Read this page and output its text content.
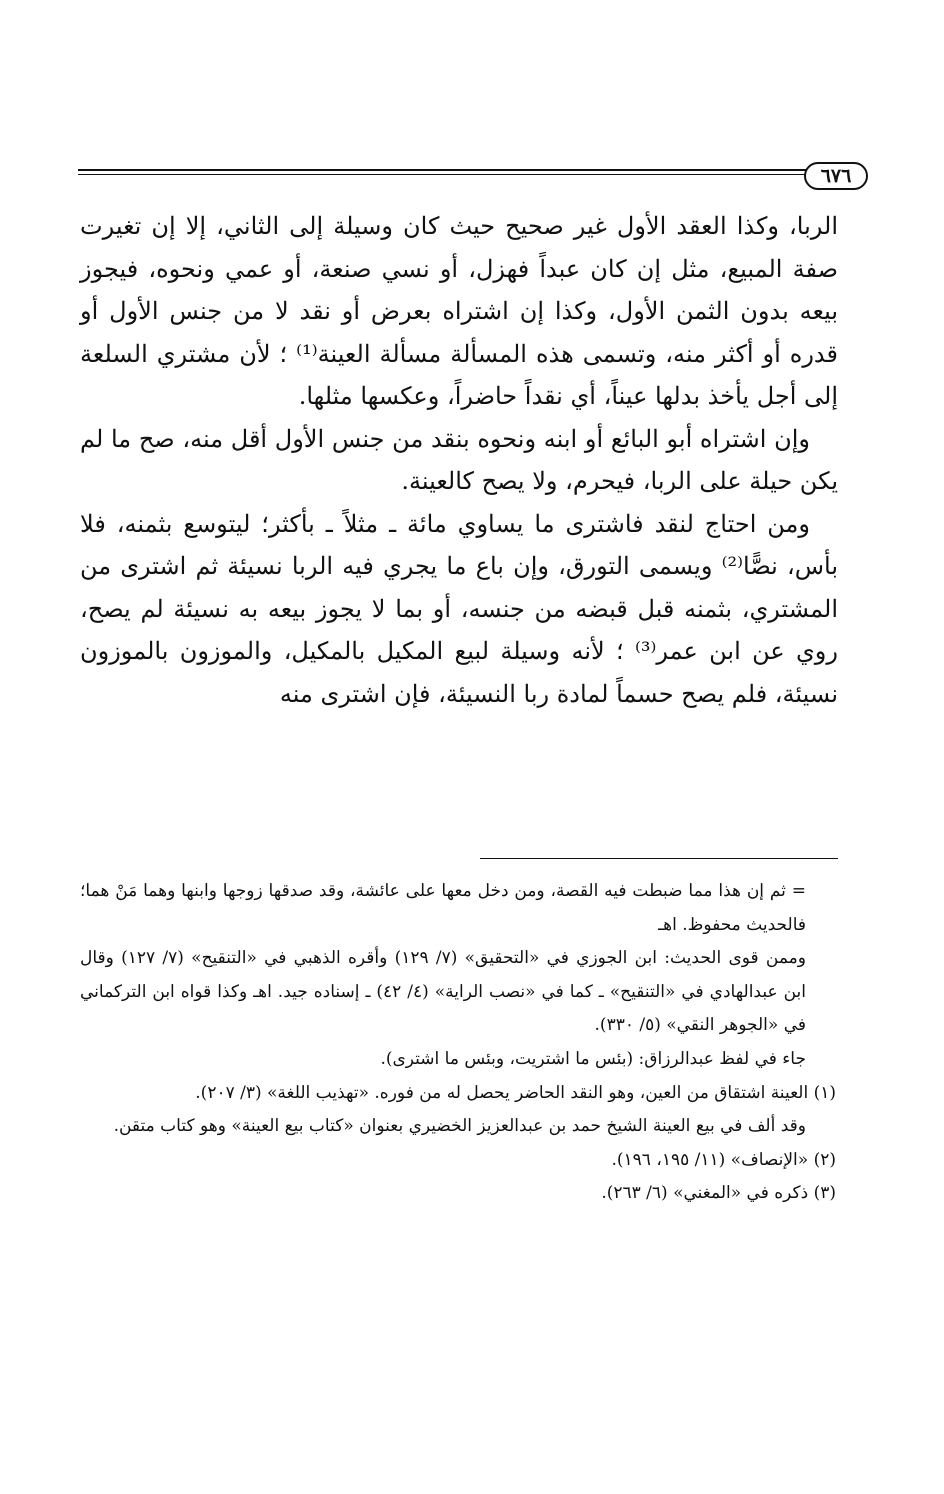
٦٧٦

الربا، وكذا العقد الأول غير صحيح حيث كان وسيلة إلى الثاني، إلا إن تغيرت صفة المبيع، مثل إن كان عبداً فهزل، أو نسي صنعة، أو عمي ونحوه، فيجوز بيعه بدون الثمن الأول، وكذا إن اشتراه بعرض أو نقد لا من جنس الأول أو قدره أو أكثر منه، وتسمى هذه المسألة مسألة العينة⁽¹⁾ ؛ لأن مشتري السلعة إلى أجل يأخذ بدلها عيناً، أي نقداً حاضراً، وعكسها مثلها.

وإن اشتراه أبو البائع أو ابنه ونحوه بنقد من جنس الأول أقل منه، صح ما لم يكن حيلة على الربا، فيحرم، ولا يصح كالعينة.

ومن احتاج لنقد فاشترى ما يساوي مائة ـ مثلاً ـ بأكثر؛ ليتوسع بثمنه، فلا بأس، نصًّا⁽²⁾ ويسمى التورق، وإن باع ما يجري فيه الربا نسيئة ثم اشترى من المشتري، بثمنه قبل قبضه من جنسه، أو بما لا يجوز بيعه به نسيئة لم يصح، روي عن ابن عمر⁽³⁾ ؛ لأنه وسيلة لبيع المكيل بالمكيل، والموزون بالموزون نسيئة، فلم يصح حسماً لمادة ربا النسيئة، فإن اشترى منه

= ثم إن هذا مما ضبطت فيه القصة، ومن دخل معها على عائشة، وقد صدقها زوجها وابنها وهما مَنْ هما؛ فالحديث محفوظ. اهـ

وممن قوى الحديث: ابن الجوزي في «التحقيق» (٧/ ١٢٩) وأقره الذهبي في «التنقيح» (٧/ ١٢٧) وقال ابن عبدالهادي في «التنقيح» ـ كما في «نصب الراية» (٤/ ٤٢) ـ إسناده جيد. اهـ وكذا قواه ابن التركماني في «الجوهر النقي» (٥/ ٣٣٠).

جاء في لفظ عبدالرزاق: (بئس ما اشتريت، وبئس ما اشترى).

(١) العينة اشتقاق من العين، وهو النقد الحاضر يحصل له من فوره. «تهذيب اللغة» (٣/ ٢٠٧).

وقد ألف في بيع العينة الشيخ حمد بن عبدالعزيز الخضيري بعنوان «كتاب بيع العينة» وهو كتاب متقن.

(٢) «الإنصاف» (١١/ ١٩٥، ١٩٦).

(٣) ذكره في «المغني» (٦/ ٢٦٣).
